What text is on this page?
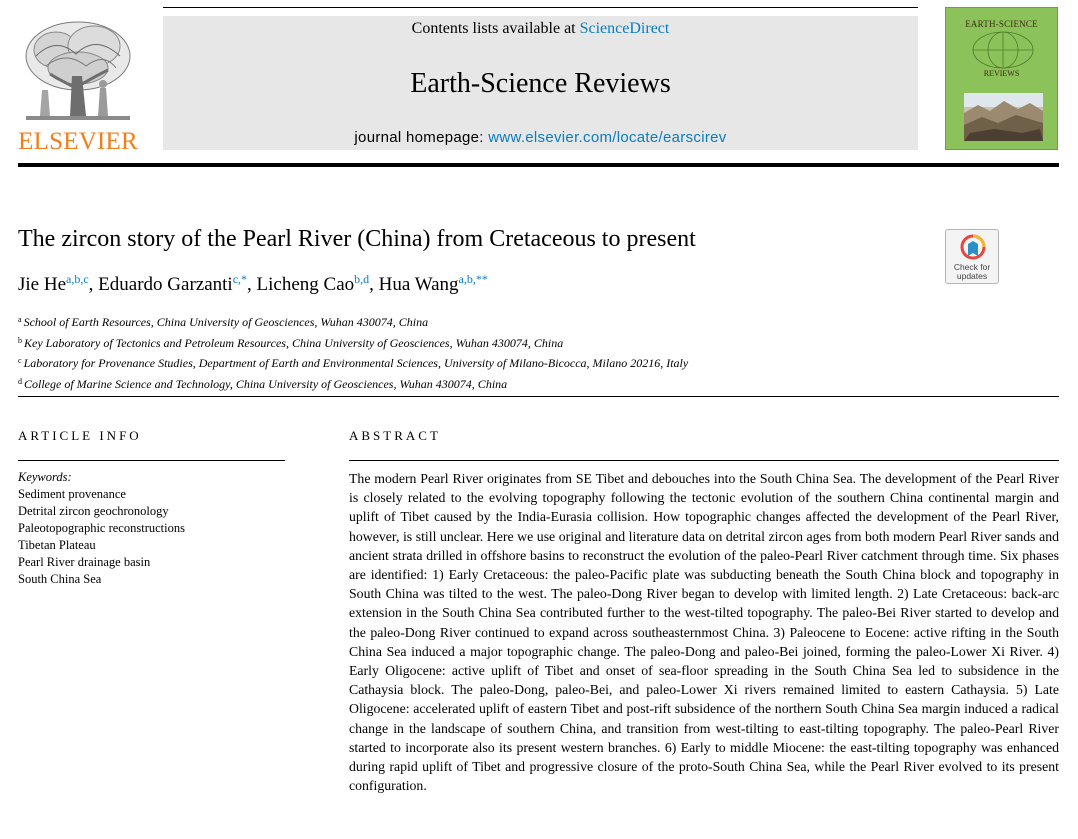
ELSEVIER
Contents lists available at ScienceDirect
Earth-Science Reviews
journal homepage: www.elsevier.com/locate/earscirev
EARTH-SCIENCE
REVIEWS
The zircon story of the Pearl River (China) from Cretaceous to present
Check for
updates
Jie He$^{a,b,c}$, Eduardo Garzanti$^{c,*}$, Licheng Cao$^{b,d}$, Hua Wang$^{a,b,**}$
$^a$ School of Earth Resources, China University of Geosciences, Wuhan 430074, China
$^b$ Key Laboratory of Tectonics and Petroleum Resources, China University of Geosciences, Wuhan 430074, China
$^c$ Laboratory for Provenance Studies, Department of Earth and Environmental Sciences, University of Milano-Bicocca, Milano 20216, Italy
$^d$ College of Marine Science and Technology, China University of Geosciences, Wuhan 430074, China
ARTICLE INFO	ABSTRACT
Keywords:
Sediment provenance
Detrital zircon geochronology
Paleotopographic reconstructions
Tibetan Plateau
Pearl River drainage basin
South China Sea
The modern Pearl River originates from SE Tibet and debouches into the South China Sea. The development of the Pearl River is closely related to the evolving topography following the tectonic evolution of the southern China continental margin and uplift of Tibet caused by the India-Eurasia collision. How topographic changes affected the development of the Pearl River, however, is still unclear. Here we use original and literature data on detrital zircon ages from both modern Pearl River sands and ancient strata drilled in offshore basins to reconstruct the evolution of the paleo-Pearl River catchment through time. Six phases are identified: 1) Early Cretaceous: the paleo-Pacific plate was subducting beneath the South China block and topography in South China was tilted to the west. The paleo-Dong River began to develop with limited length. 2) Late Cretaceous: back-arc extension in the South China Sea contributed further to the west-tilted topography. The paleo-Bei River started to develop and the paleo-Dong River continued to expand across southeasternmost China. 3) Paleocene to Eocene: active rifting in the South China Sea induced a major topographic change. The paleo-Dong and paleo-Bei joined, forming the paleo-Lower Xi River. 4) Early Oligocene: active uplift of Tibet and onset of sea-floor spreading in the South China Sea led to subsidence in the Cathaysia block. The paleo-Dong, paleo-Bei, and paleo-Lower Xi rivers remained limited to eastern Cathaysia. 5) Late Oligocene: accelerated uplift of eastern Tibet and post-rift subsidence of the northern South China Sea margin induced a radical change in the landscape of southern China, and transition from west-tilting to east-tilting topography. The paleo-Pearl River started to incorporate also its present western branches. 6) Early to middle Miocene: the east-tilting topography was enhanced during rapid uplift of Tibet and progressive closure of the proto-South China Sea, while the Pearl River evolved to its present configuration.
